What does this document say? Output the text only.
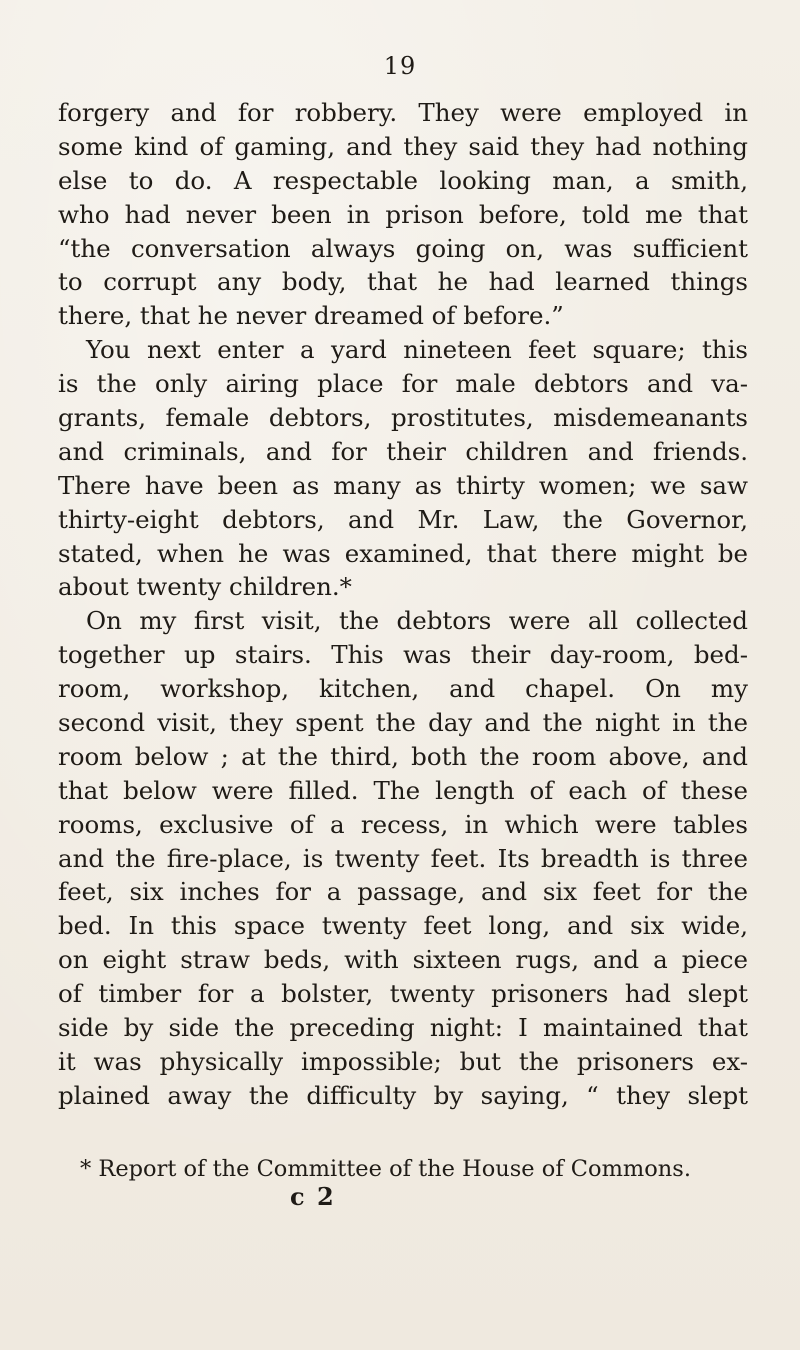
19
forgery and for robbery. They were employed in
some kind of gaming, and they said they had nothing
else to do. A respectable looking man, a smith,
who had never been in prison before, told me that
“the conversation always going on, was sufficient
to corrupt any body, that he had learned things
there, that he never dreamed of before.”
You next enter a yard nineteen feet square; this
is the only airing place for male debtors and va-
grants, female debtors, prostitutes, misdemeanants
and criminals, and for their children and friends.
There have been as many as thirty women; we saw
thirty-eight debtors, and Mr. Law, the Governor,
stated, when he was examined, that there might be
about twenty children.*
On my first visit, the debtors were all collected
together up stairs. This was their day-room, bed-
room, workshop, kitchen, and chapel. On my
second visit, they spent the day and the night in the
room below ; at the third, both the room above, and
that below were filled. The length of each of these
rooms, exclusive of a recess, in which were tables
and the fire-place, is twenty feet. Its breadth is three
feet, six inches for a passage, and six feet for the
bed. In this space twenty feet long, and six wide,
on eight straw beds, with sixteen rugs, and a piece
of timber for a bolster, twenty prisoners had slept
side by side the preceding night: I maintained that
it was physically impossible; but the prisoners ex-
plained away the difficulty by saying, “ they slept
* Report of the Committee of the House of Commons.
c 2
